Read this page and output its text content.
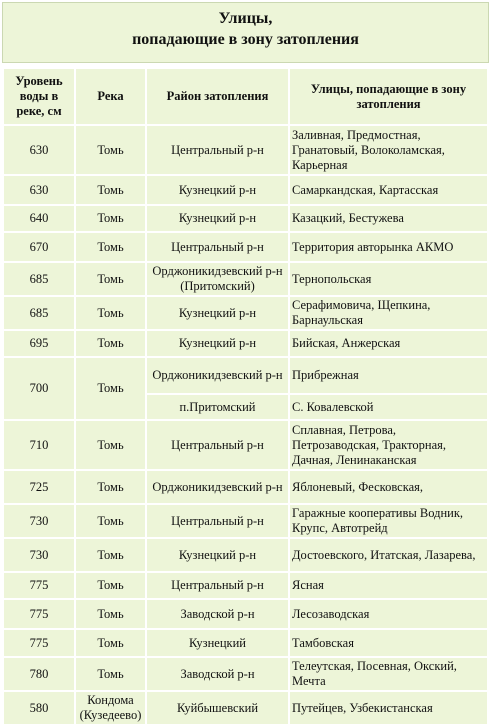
Улицы,
попадающие в зону затопления
Уровень воды в реке, см	Река	Район затопления	Улицы, попадающие в зону затопления
630	Томь	Центральный р-н	Заливная, Предмостная, Гранатовый, Волоколамская, Карьерная
630	Томь	Кузнецкий р-н	Самаркандская, Картасская
640	Томь	Кузнецкий р-н	Казацкий, Бестужева
670	Томь	Центральный р-н	Территория авторынка АКМО
685	Томь	Орджоникидзевский р-н (Притомский)	Тернопольская
685	Томь	Кузнецкий р-н	Серафимовича, Щепкина, Барнаульская
695	Томь	Кузнецкий р-н	Бийская, Анжерская
700	Томь	Орджоникидзевский р-н	Прибрежная
		п.Притомский	С. Ковалевской
710	Томь	Центральный р-н	Сплавная, Петрова, Петрозаводская, Тракторная, Дачная, Ленинаканская
725	Томь	Орджоникидзевский р-н	Яблоневый, Фесковская,
730	Томь	Центральный р-н	Гаражные кооперативы Водник, Крупс, Автотрейд
730	Томь	Кузнецкий р-н	Достоевского, Итатская, Лазарева,
775	Томь	Центральный р-н	Ясная
775	Томь	Заводской р-н	Лесозаводская
775	Томь	Кузнецкий	Тамбовская
780	Томь	Заводской р-н	Телеутская, Посевная, Окский, Мечта
580	Кондома (Кузедеево)	Куйбышевский	Путейцев, Узбекистанская
